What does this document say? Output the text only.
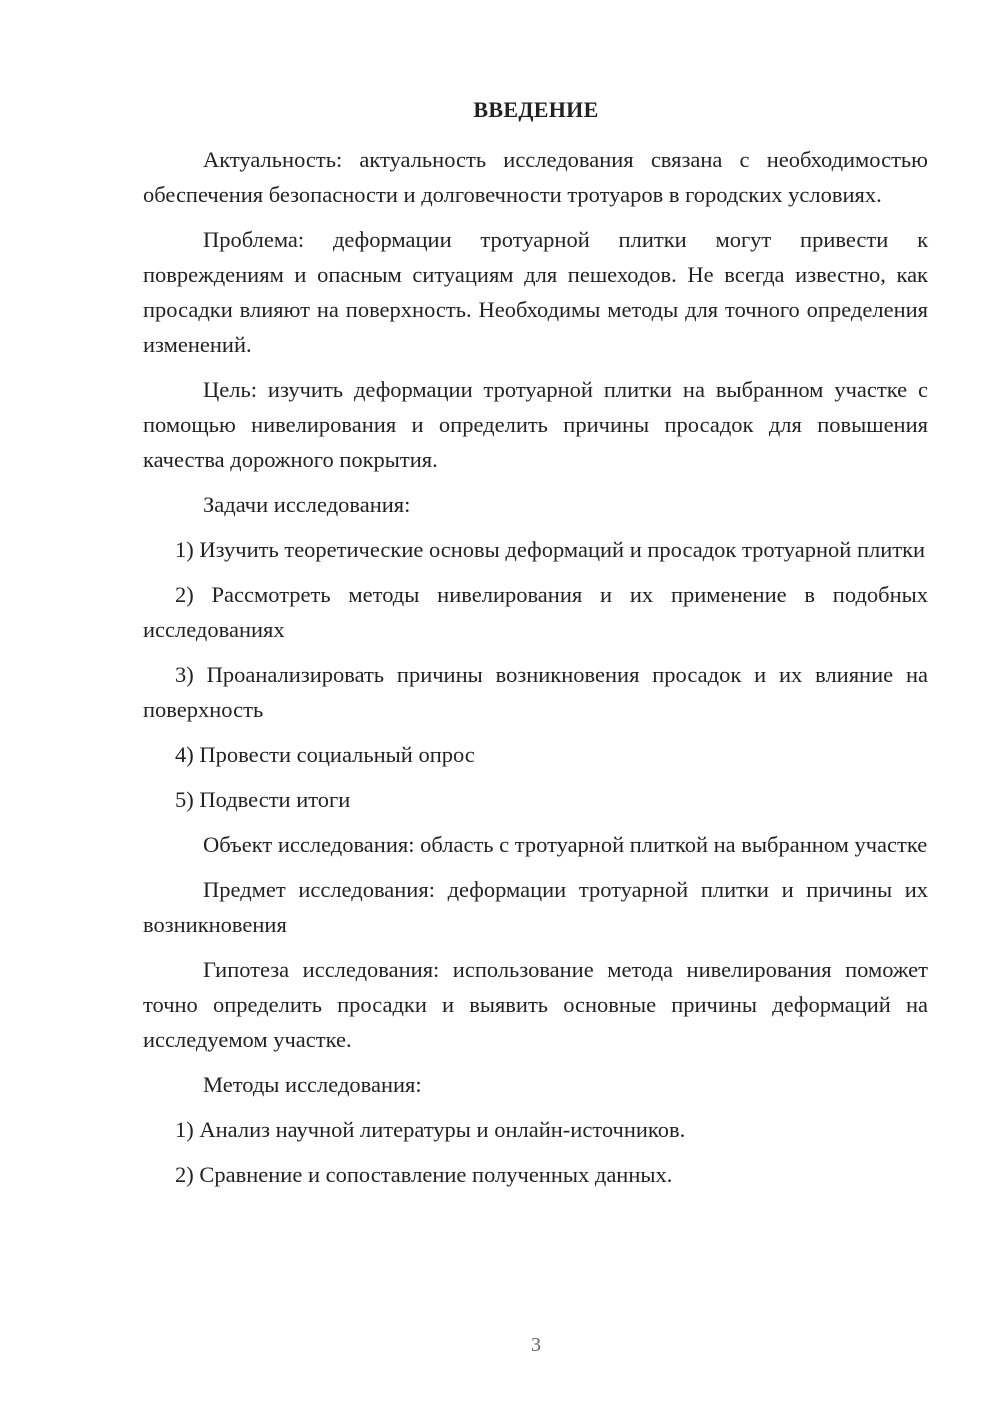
ВВЕДЕНИЕ

Актуальность: актуальность исследования связана с необходимостью обеспечения безопасности и долговечности тротуаров в городских условиях.

Проблема: деформации тротуарной плитки могут привести к повреждениям и опасным ситуациям для пешеходов. Не всегда известно, как просадки влияют на поверхность. Необходимы методы для точного определения изменений.

Цель: изучить деформации тротуарной плитки на выбранном участке с помощью нивелирования и определить причины просадок для повышения качества дорожного покрытия.

Задачи исследования:

1) Изучить теоретические основы деформаций и просадок тротуарной плитки

2) Рассмотреть методы нивелирования и их применение в подобных исследованиях

3) Проанализировать причины возникновения просадок и их влияние на поверхность

4) Провести социальный опрос

5) Подвести итоги

Объект исследования: область с тротуарной плиткой на выбранном участке

Предмет исследования: деформации тротуарной плитки и причины их возникновения

Гипотеза исследования: использование метода нивелирования поможет точно определить просадки и выявить основные причины деформаций на исследуемом участке.

Методы исследования:

1) Анализ научной литературы и онлайн-источников.

2) Сравнение и сопоставление полученных данных.

3
